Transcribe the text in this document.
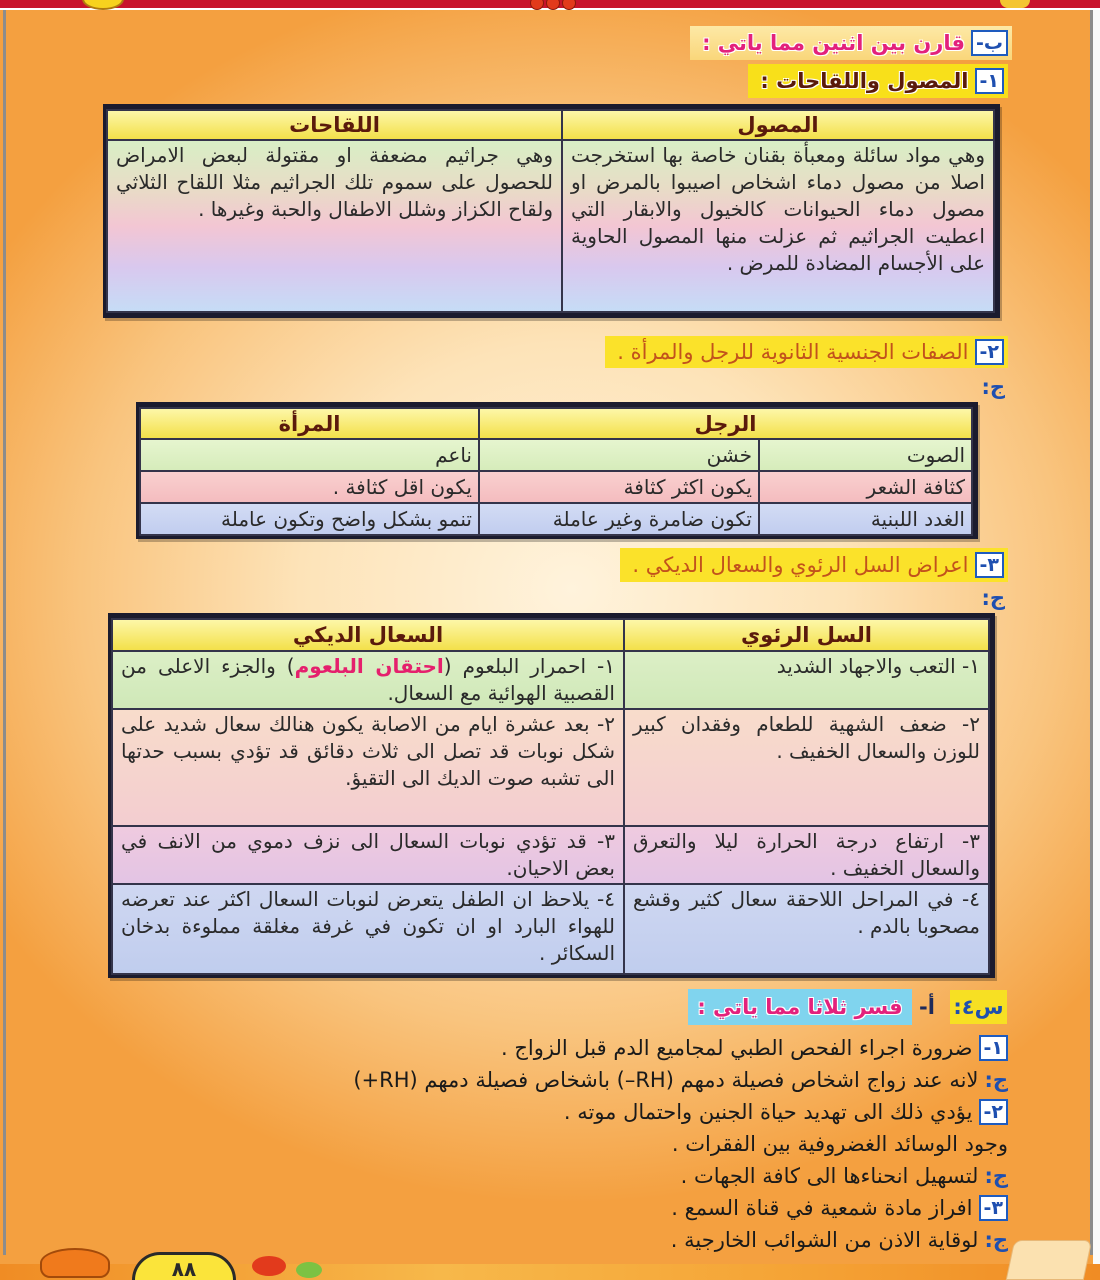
ب-
قارن بين اثنين مما ياتي :
١-
المصول واللقاحات :
المصول	اللقاحات
وهي مواد سائلة ومعبأة بقنان خاصة بها استخرجت اصلا من مصول دماء اشخاص اصيبوا بالمرض او مصول دماء الحيوانات كالخيول والابقار التي اعطيت الجراثيم ثم عزلت منها المصول الحاوية على الأجسام المضادة للمرض .	وهي جراثيم مضعفة او مقتولة لبعض الامراض للحصول على سموم تلك الجراثيم مثلا اللقاح الثلاثي ولقاح الكزاز وشلل الاطفال والحبة وغيرها .
٢-
الصفات الجنسية الثانوية للرجل والمرأة .
ج:
الرجل		المرأة
الصوت	خشن	ناعم
كثافة الشعر	يكون اكثر كثافة	يكون اقل كثافة .
الغدد اللبنية	تكون ضامرة وغير عاملة	تنمو بشكل واضح وتكون عاملة
٣-
اعراض السل الرئوي والسعال الديكي .
ج:
السل الرئوي	السعال الديكي
١- التعب والاجهاد الشديد	١- احمرار البلعوم (احتقان البلعوم) والجزء الاعلى من القصبية الهوائية مع السعال.
٢- ضعف الشهية للطعام وفقدان كبير للوزن والسعال الخفيف .	٢- بعد عشرة ايام من الاصابة يكون هنالك سعال شديد على شكل نوبات قد تصل الى ثلاث دقائق قد تؤدي بسبب حدتها الى تشبه صوت الديك الى التقيؤ.
٣- ارتفاع درجة الحرارة ليلا والتعرق والسعال الخفيف .	٣- قد تؤدي نوبات السعال الى نزف دموي من الانف في بعض الاحيان.
٤- في المراحل اللاحقة سعال كثير وقشع مصحوبا بالدم .	٤- يلاحظ ان الطفل يتعرض لنوبات السعال اكثر عند تعرضه للهواء البارد او ان تكون في غرفة مغلقة مملوءة بدخان السكائر .
س٤:
أ-
فسر ثلاثا مما ياتي :
١-
ضرورة اجراء الفحص الطبي لمجاميع الدم قبل الزواج .
ج:
لانه عند زواج اشخاص فصيلة دمهم (RH–) باشخاص فصيلة دمهم (RH+)
٢-
يؤدي ذلك الى تهديد حياة الجنين واحتمال موته .
وجود الوسائد الغضروفية بين الفقرات .
ج:
لتسهيل انحناءها الى كافة الجهات .
٣-
افراز مادة شمعية في قناة السمع .
ج:
لوقاية الاذن من الشوائب الخارجية .
٨٨
